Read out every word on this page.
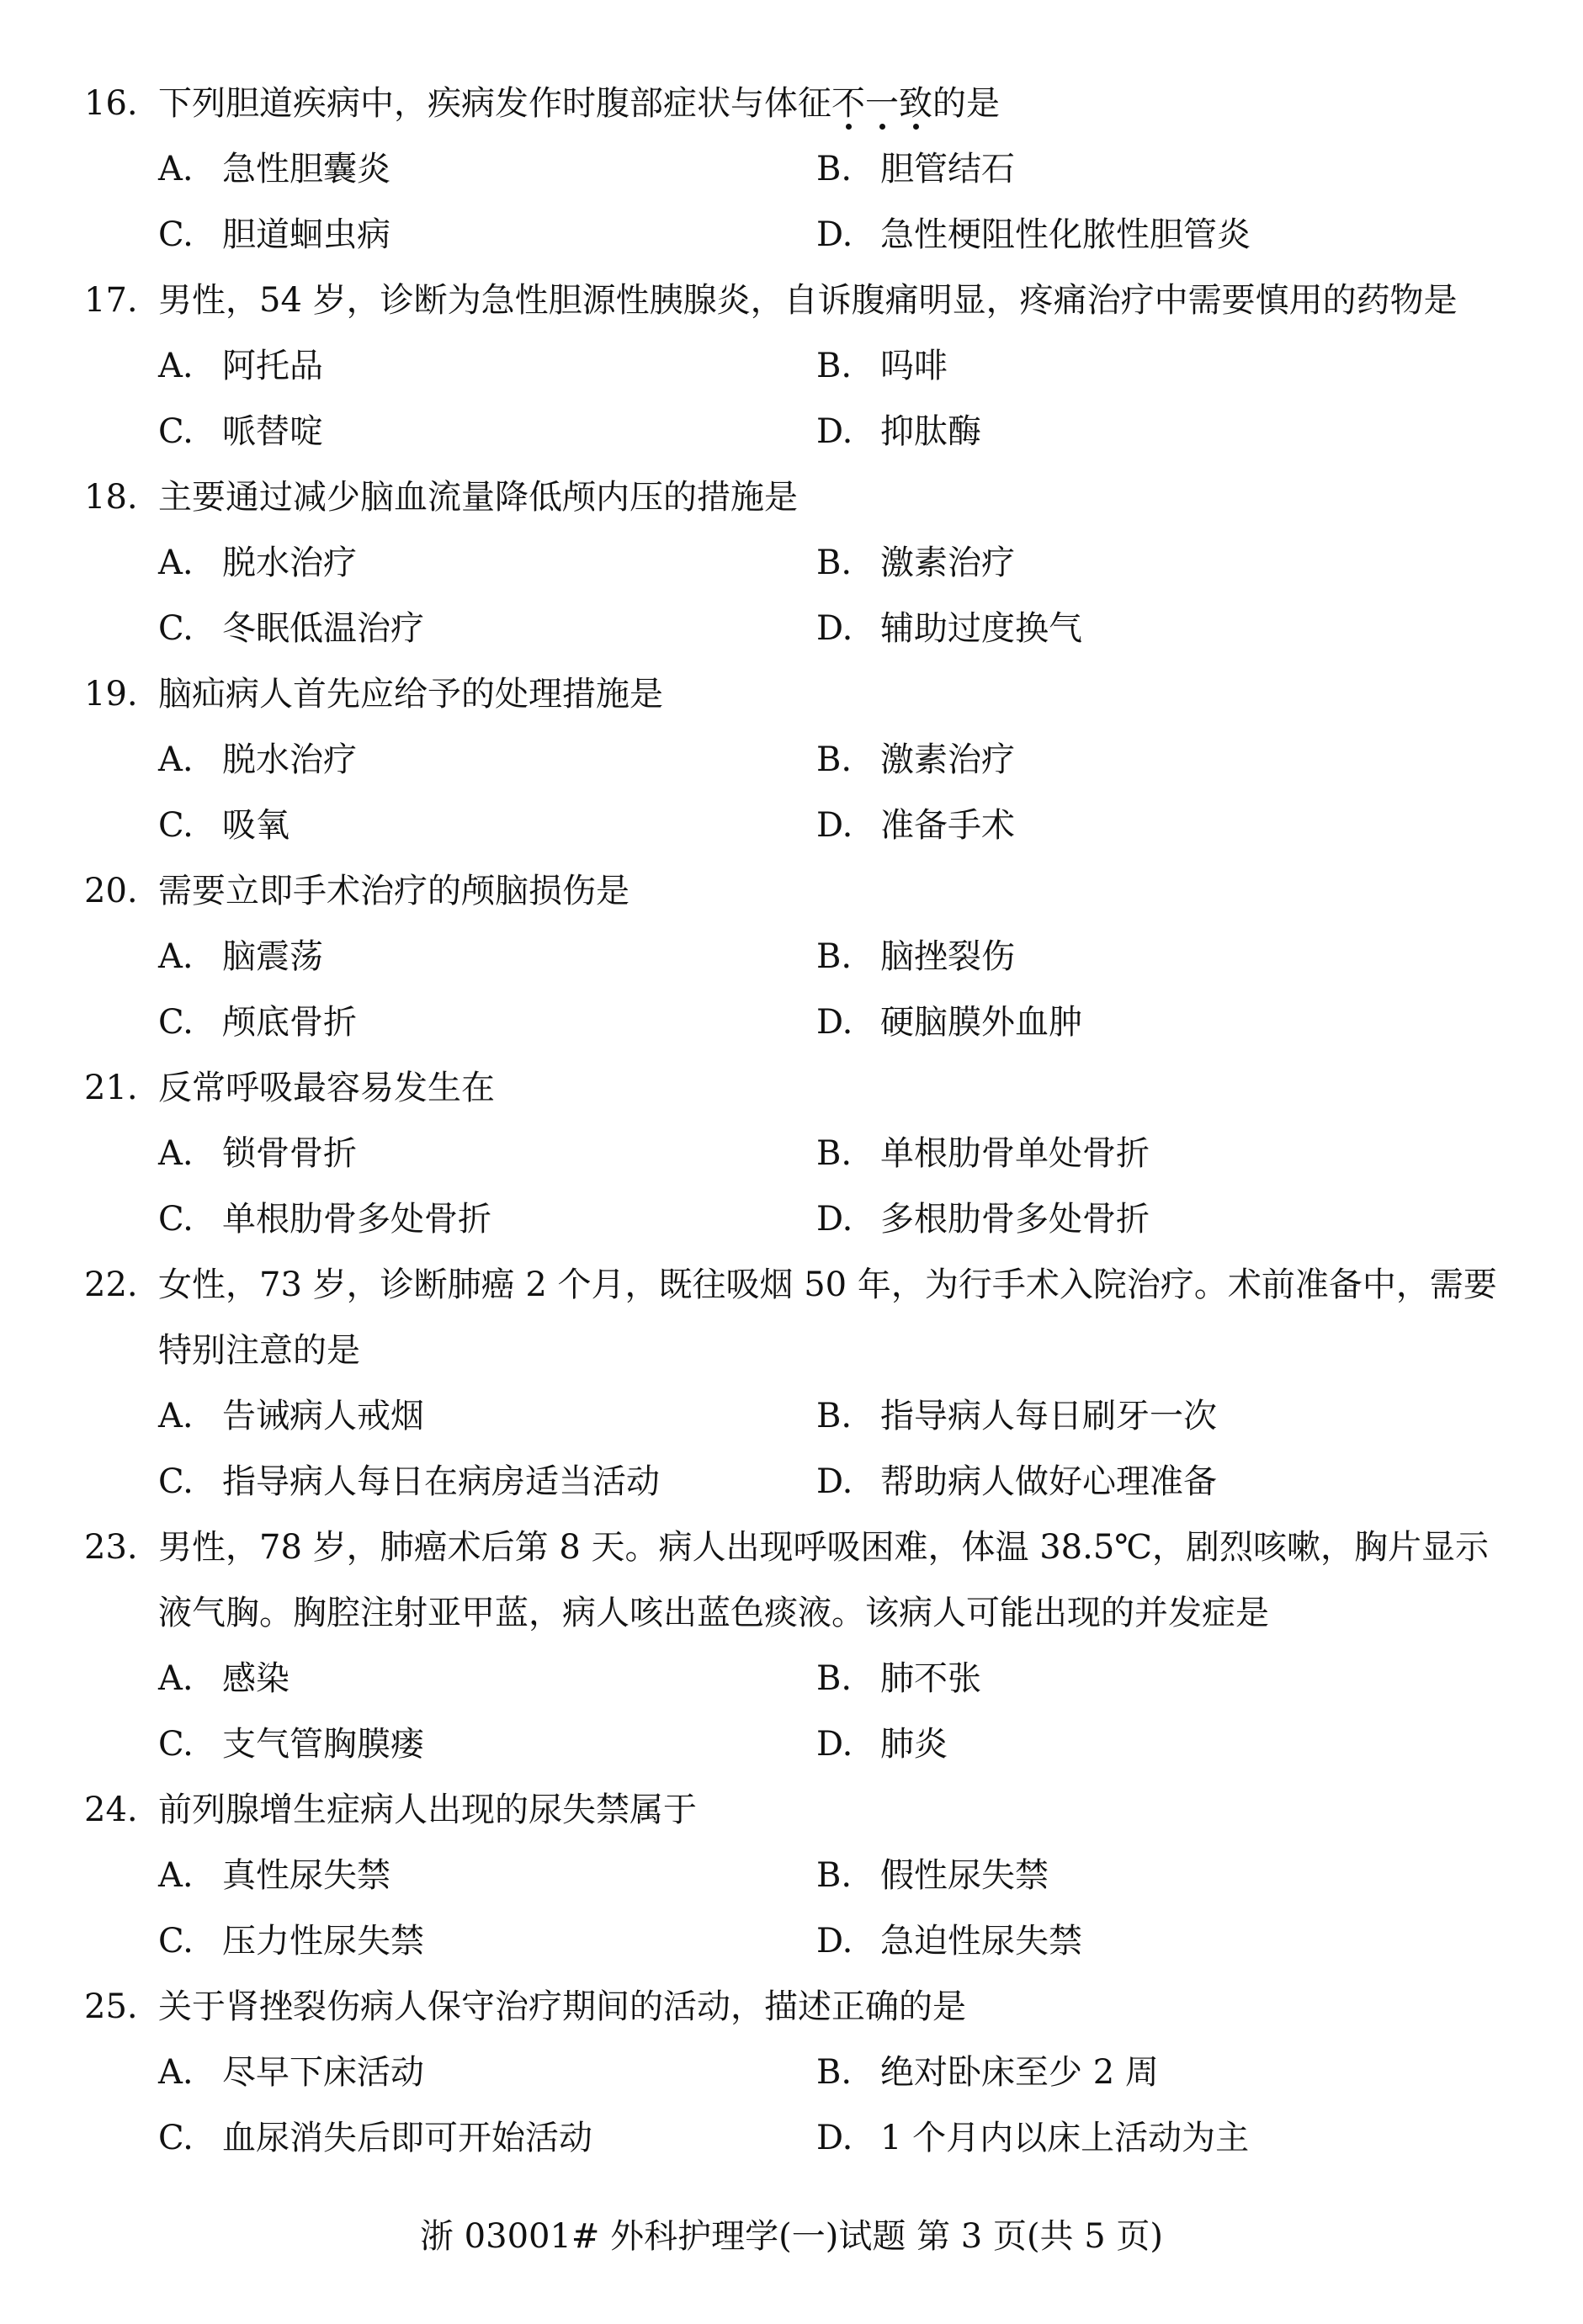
16. 下列胆道疾病中，疾病发作时腹部症状与体征不一致的是
A. 急性胆囊炎	B. 胆管结石
C. 胆道蛔虫病	D. 急性梗阻性化脓性胆管炎
17. 男性，54 岁，诊断为急性胆源性胰腺炎，自诉腹痛明显，疼痛治疗中需要慎用的药物是
A. 阿托品	B. 吗啡
C. 哌替啶	D. 抑肽酶
18. 主要通过减少脑血流量降低颅内压的措施是
A. 脱水治疗	B. 激素治疗
C. 冬眠低温治疗	D. 辅助过度换气
19. 脑疝病人首先应给予的处理措施是
A. 脱水治疗	B. 激素治疗
C. 吸氧	D. 准备手术
20. 需要立即手术治疗的颅脑损伤是
A. 脑震荡	B. 脑挫裂伤
C. 颅底骨折	D. 硬脑膜外血肿
21. 反常呼吸最容易发生在
A. 锁骨骨折	B. 单根肋骨单处骨折
C. 单根肋骨多处骨折	D. 多根肋骨多处骨折
22. 女性，73 岁，诊断肺癌 2 个月，既往吸烟 50 年，为行手术入院治疗。术前准备中，需要特别注意的是
A. 告诫病人戒烟	B. 指导病人每日刷牙一次
C. 指导病人每日在病房适当活动	D. 帮助病人做好心理准备
23. 男性，78 岁，肺癌术后第 8 天。病人出现呼吸困难，体温 38.5℃，剧烈咳嗽，胸片显示液气胸。胸腔注射亚甲蓝，病人咳出蓝色痰液。该病人可能出现的并发症是
A. 感染	B. 肺不张
C. 支气管胸膜瘘	D. 肺炎
24. 前列腺增生症病人出现的尿失禁属于
A. 真性尿失禁	B. 假性尿失禁
C. 压力性尿失禁	D. 急迫性尿失禁
25. 关于肾挫裂伤病人保守治疗期间的活动，描述正确的是
A. 尽早下床活动	B. 绝对卧床至少 2 周
C. 血尿消失后即可开始活动	D. 1 个月内以床上活动为主
浙 03001# 外科护理学(一)试题 第 3 页(共 5 页)
